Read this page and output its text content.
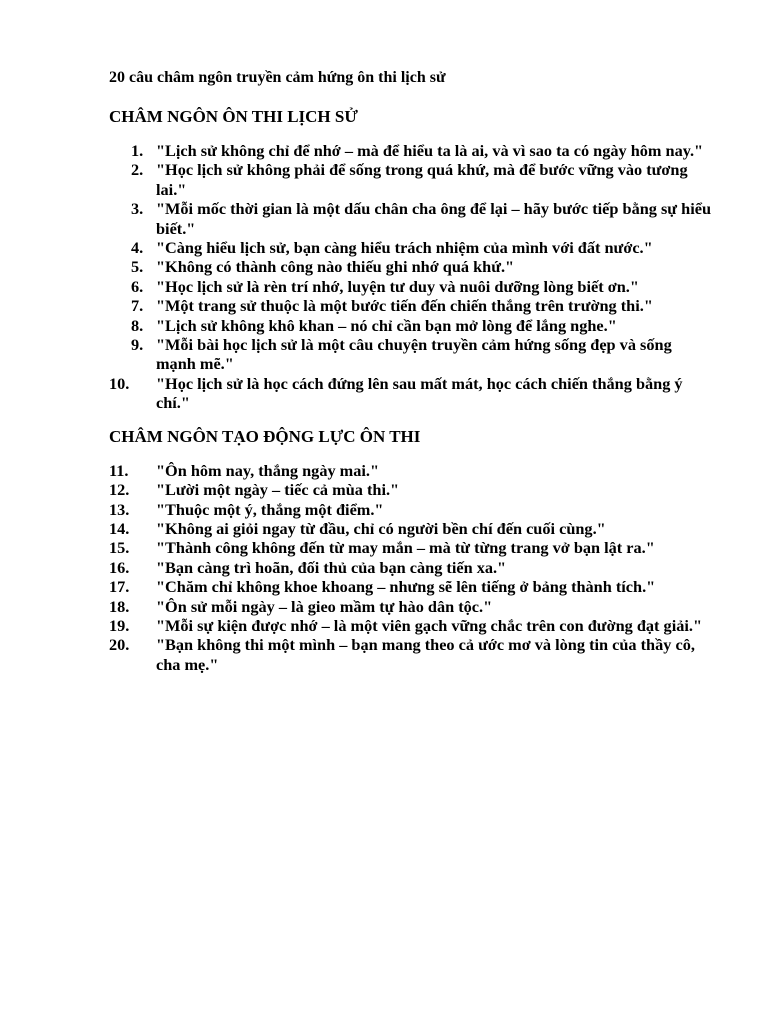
20 câu châm ngôn truyền cảm hứng ôn thi lịch sử

CHÂM NGÔN ÔN THI LỊCH SỬ
1. "Lịch sử không chỉ để nhớ – mà để hiểu ta là ai, và vì sao ta có ngày hôm nay."
2. "Học lịch sử không phải để sống trong quá khứ, mà để bước vững vào tương lai."
3. "Mỗi mốc thời gian là một dấu chân cha ông để lại – hãy bước tiếp bằng sự hiểu biết."
4. "Càng hiểu lịch sử, bạn càng hiểu trách nhiệm của mình với đất nước."
5. "Không có thành công nào thiếu ghi nhớ quá khứ."
6. "Học lịch sử là rèn trí nhớ, luyện tư duy và nuôi dưỡng lòng biết ơn."
7. "Một trang sử thuộc là một bước tiến đến chiến thắng trên trường thi."
8. "Lịch sử không khô khan – nó chỉ cần bạn mở lòng để lắng nghe."
9. "Mỗi bài học lịch sử là một câu chuyện truyền cảm hứng sống đẹp và sống mạnh mẽ."
10.	"Học lịch sử là học cách đứng lên sau mất mát, học cách chiến thắng bằng ý chí."
CHÂM NGÔN TẠO ĐỘNG LỰC ÔN THI
11.	"Ôn hôm nay, thắng ngày mai."
12.	"Lười một ngày – tiếc cả mùa thi."
13.	"Thuộc một ý, thắng một điểm."
14.	"Không ai giỏi ngay từ đầu, chỉ có người bền chí đến cuối cùng."
15.	"Thành công không đến từ may mắn – mà từ từng trang vở bạn lật ra."
16.	"Bạn càng trì hoãn, đối thủ của bạn càng tiến xa."
17.	"Chăm chỉ không khoe khoang – nhưng sẽ lên tiếng ở bảng thành tích."
18.	"Ôn sử mỗi ngày – là gieo mầm tự hào dân tộc."
19.	"Mỗi sự kiện được nhớ – là một viên gạch vững chắc trên con đường đạt giải."
20.	"Bạn không thi một mình – bạn mang theo cả ước mơ và lòng tin của thầy cô, cha mẹ."
